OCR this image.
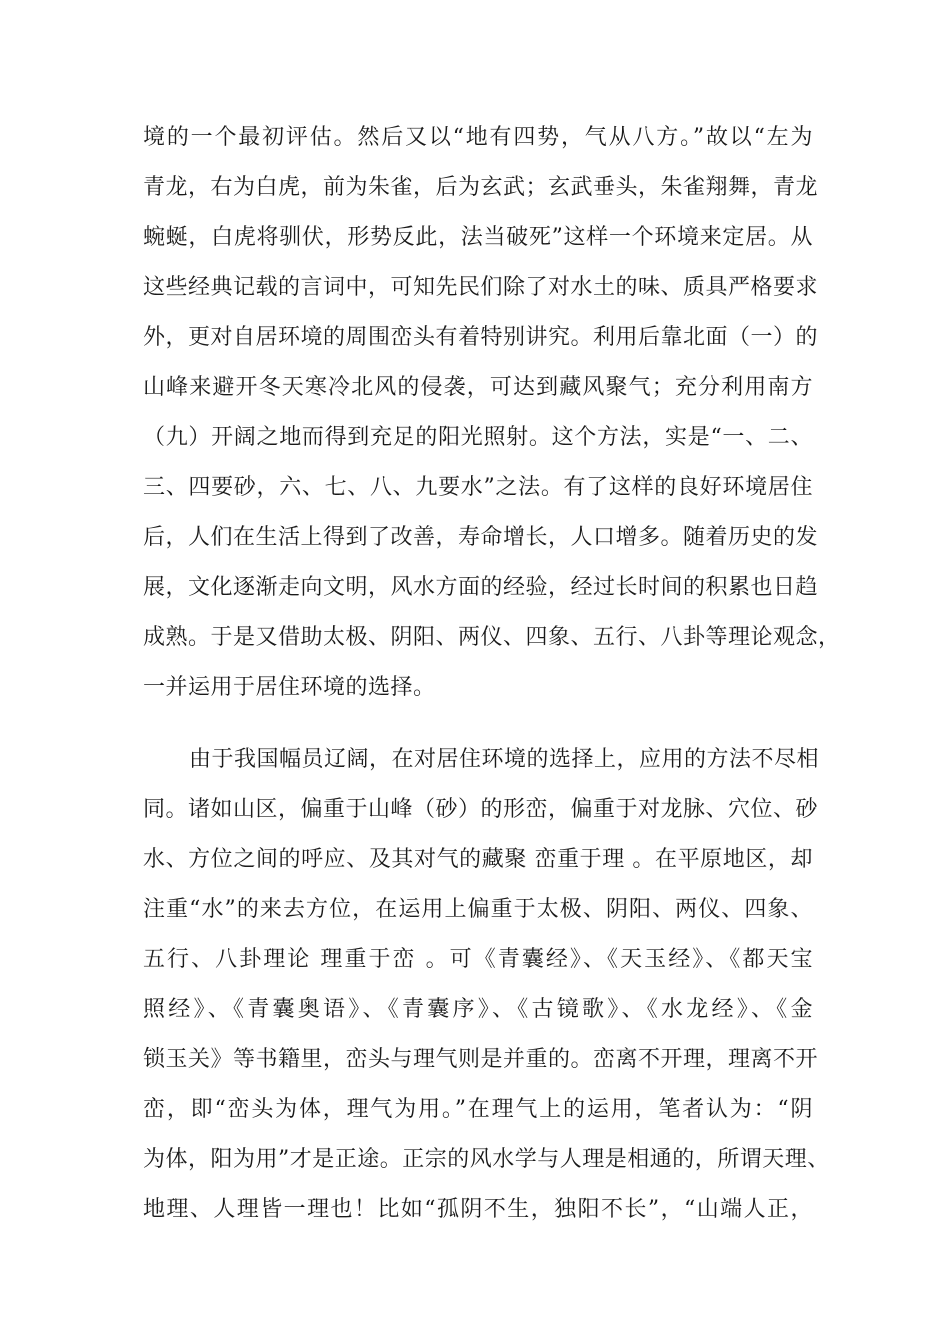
境的一个最初评估。然后又以“地有四势，气从八方。”故以“左为
青龙，右为白虎，前为朱雀，后为玄武；玄武垂头，朱雀翔舞，青龙
蜿蜒，白虎将驯伏，形势反此，法当破死”这样一个环境来定居。从
这些经典记载的言词中，可知先民们除了对水土的味、质具严格要求
外，更对自居环境的周围峦头有着特别讲究。利用后靠北面（一）的
山峰来避开冬天寒冷北风的侵袭，可达到藏风聚气；充分利用南方
（九）开阔之地而得到充足的阳光照射。这个方法，实是“一、二、
三、四要砂，六、七、八、九要水”之法。有了这样的良好环境居住
后，人们在生活上得到了改善，寿命增长，人口增多。随着历史的发
展，文化逐渐走向文明，风水方面的经验，经过长时间的积累也日趋
成熟。于是又借助太极、阴阳、两仪、四象、五行、八卦等理论观念，
一并运用于居住环境的选择。
由于我国幅员辽阔，在对居住环境的选择上，应用的方法不尽相
同。诸如山区，偏重于山峰（砂）的形峦，偏重于对龙脉、穴位、砂
水、方位之间的呼应、及其对气的藏聚 峦重于理 。在平原地区，却
注重“水”的来去方位，在运用上偏重于太极、阴阳、两仪、四象、
五行、八卦理论 理重于峦 。可《青囊经》、《天玉经》、《都天宝
照经》、《青囊奥语》、《青囊序》、《古镜歌》、《水龙经》、《金
锁玉关》等书籍里，峦头与理气则是并重的。峦离不开理，理离不开
峦，即“峦头为体，理气为用。”在理气上的运用，笔者认为：“阴
为体，阳为用”才是正途。正宗的风水学与人理是相通的，所谓天理、
地理、人理皆一理也！比如“孤阴不生，独阳不长”，“山端人正，
